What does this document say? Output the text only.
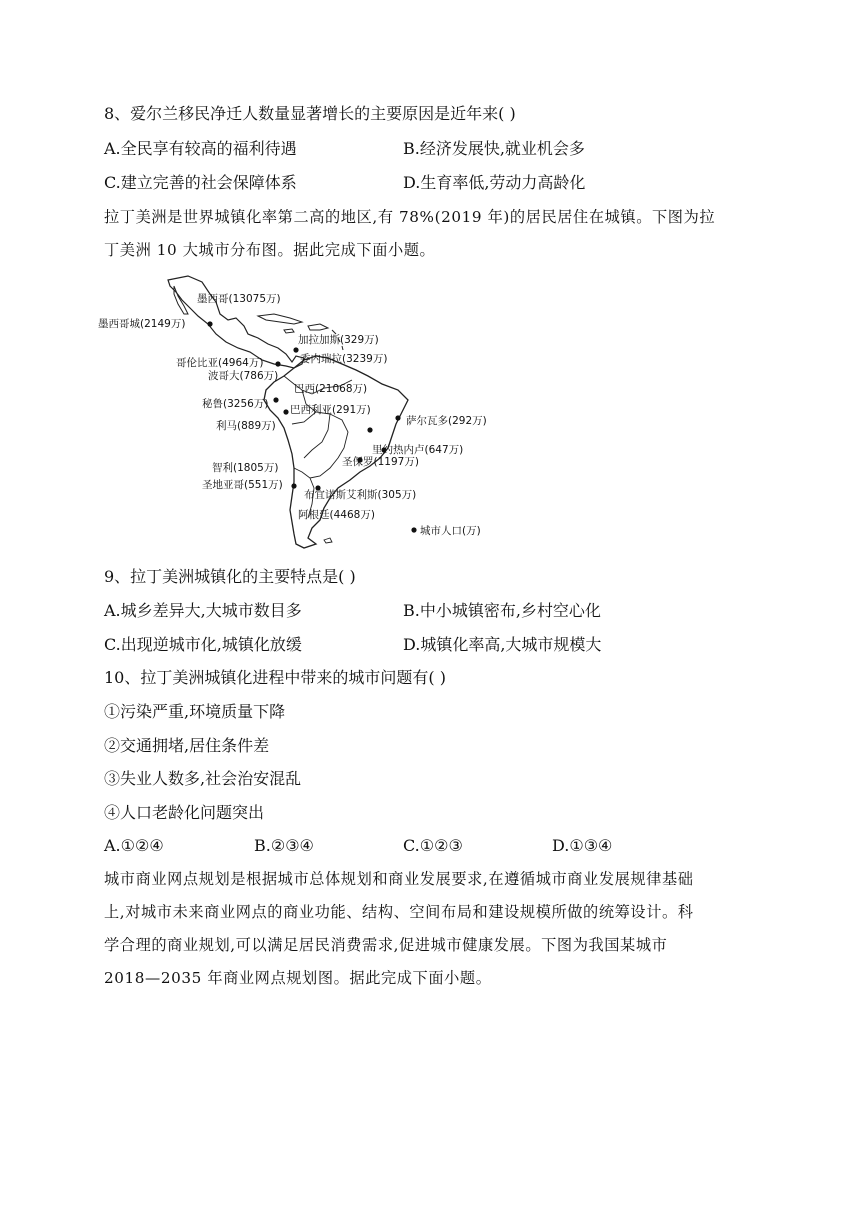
8、爱尔兰移民净迁人数量显著增长的主要原因是近年来( )
A.全民享有较高的福利待遇	B.经济发展快,就业机会多
C.建立完善的社会保障体系	D.生育率低,劳动力高龄化
拉丁美洲是世界城镇化率第二高的地区,有 78%(2019 年)的居民居住在城镇。下图为拉
丁美洲 10 大城市分布图。据此完成下面小题。
墨西哥(13075万)
墨西哥城(2149万)
加拉加斯(329万)
委内瑞拉(3239万)
哥伦比亚(4964万)
波哥大(786万)
巴西(21068万)
秘鲁(3256万) 巴西利亚(291万)
利马(889万)	萨尔瓦多(292万)
里约热内卢(647万)
圣保罗(1197万)
智利(1805万)
圣地亚哥(551万)
布宜诺斯艾利斯(305万)
阿根廷(4468万)
城市人口(万)
9、拉丁美洲城镇化的主要特点是( )
A.城乡差异大,大城市数目多	B.中小城镇密布,乡村空心化
C.出现逆城市化,城镇化放缓	D.城镇化率高,大城市规模大
10、拉丁美洲城镇化进程中带来的城市问题有( )
①污染严重,环境质量下降
②交通拥堵,居住条件差
③失业人数多,社会治安混乱
④人口老龄化问题突出
A.①②④	B.②③④	C.①②③	D.①③④
城市商业网点规划是根据城市总体规划和商业发展要求,在遵循城市商业发展规律基础
上,对城市未来商业网点的商业功能、结构、空间布局和建设规模所做的统筹设计。科
学合理的商业规划,可以满足居民消费需求,促进城市健康发展。下图为我国某城市
2018—2035 年商业网点规划图。据此完成下面小题。
